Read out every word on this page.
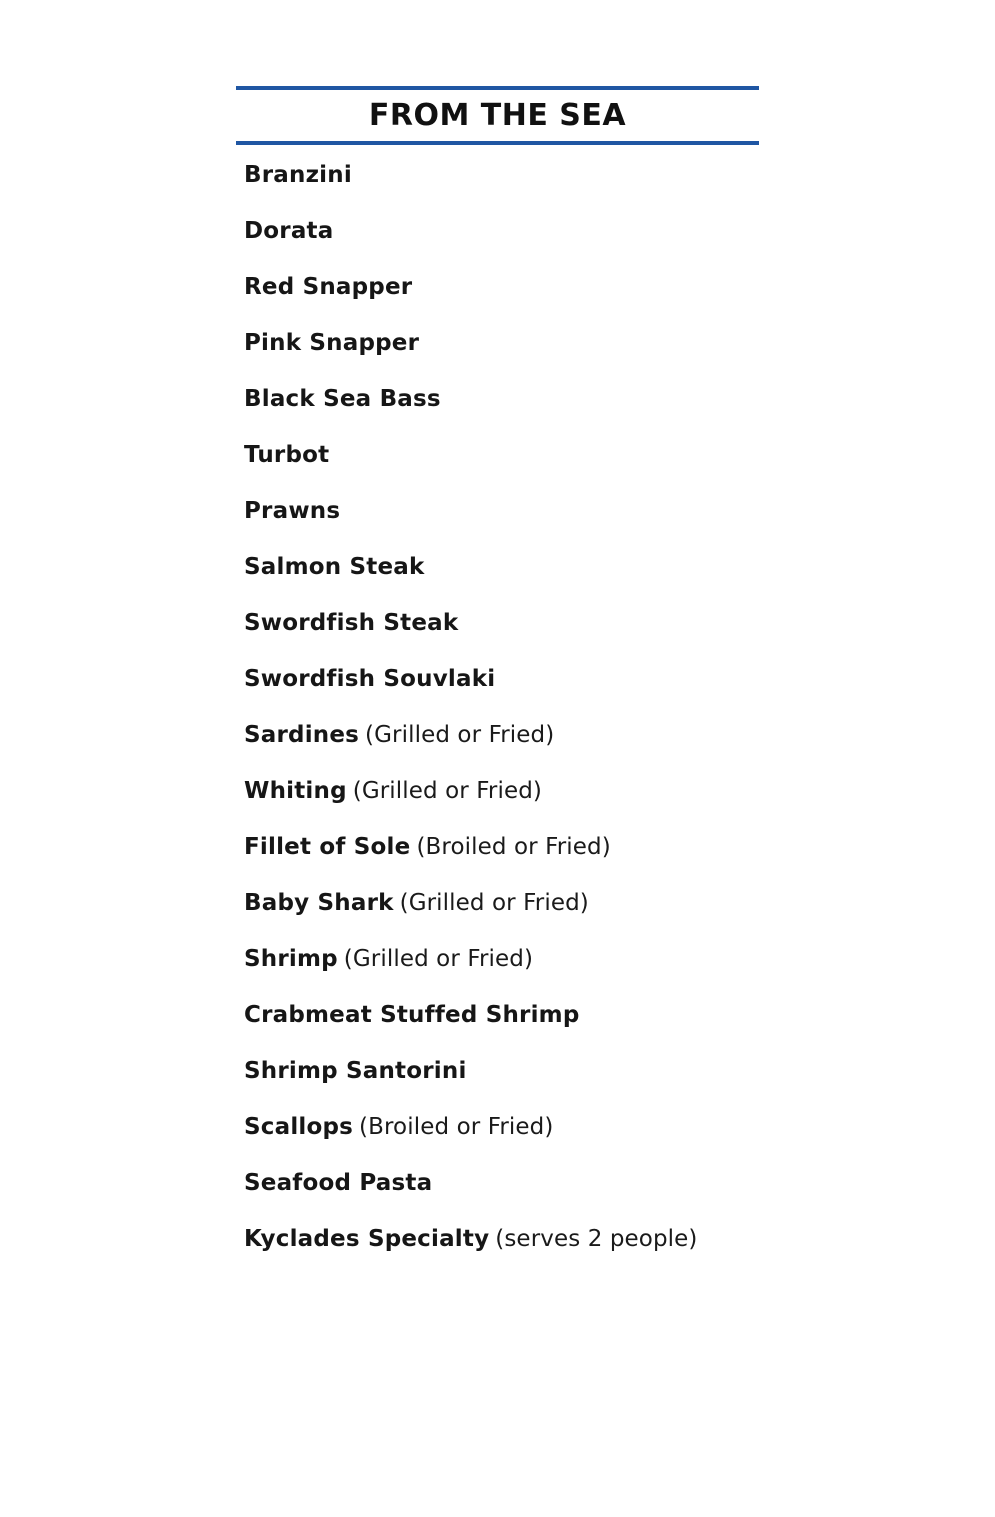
FROM THE SEA
Branzini
Dorata
Red Snapper
Pink Snapper
Black Sea Bass
Turbot
Prawns
Salmon Steak
Swordfish Steak
Swordfish Souvlaki
Sardines (Grilled or Fried)
Whiting (Grilled or Fried)
Fillet of Sole (Broiled or Fried)
Baby Shark (Grilled or Fried)
Shrimp (Grilled or Fried)
Crabmeat Stuffed Shrimp
Shrimp Santorini
Scallops (Broiled or Fried)
Seafood Pasta
Kyclades Specialty (serves 2 people)
